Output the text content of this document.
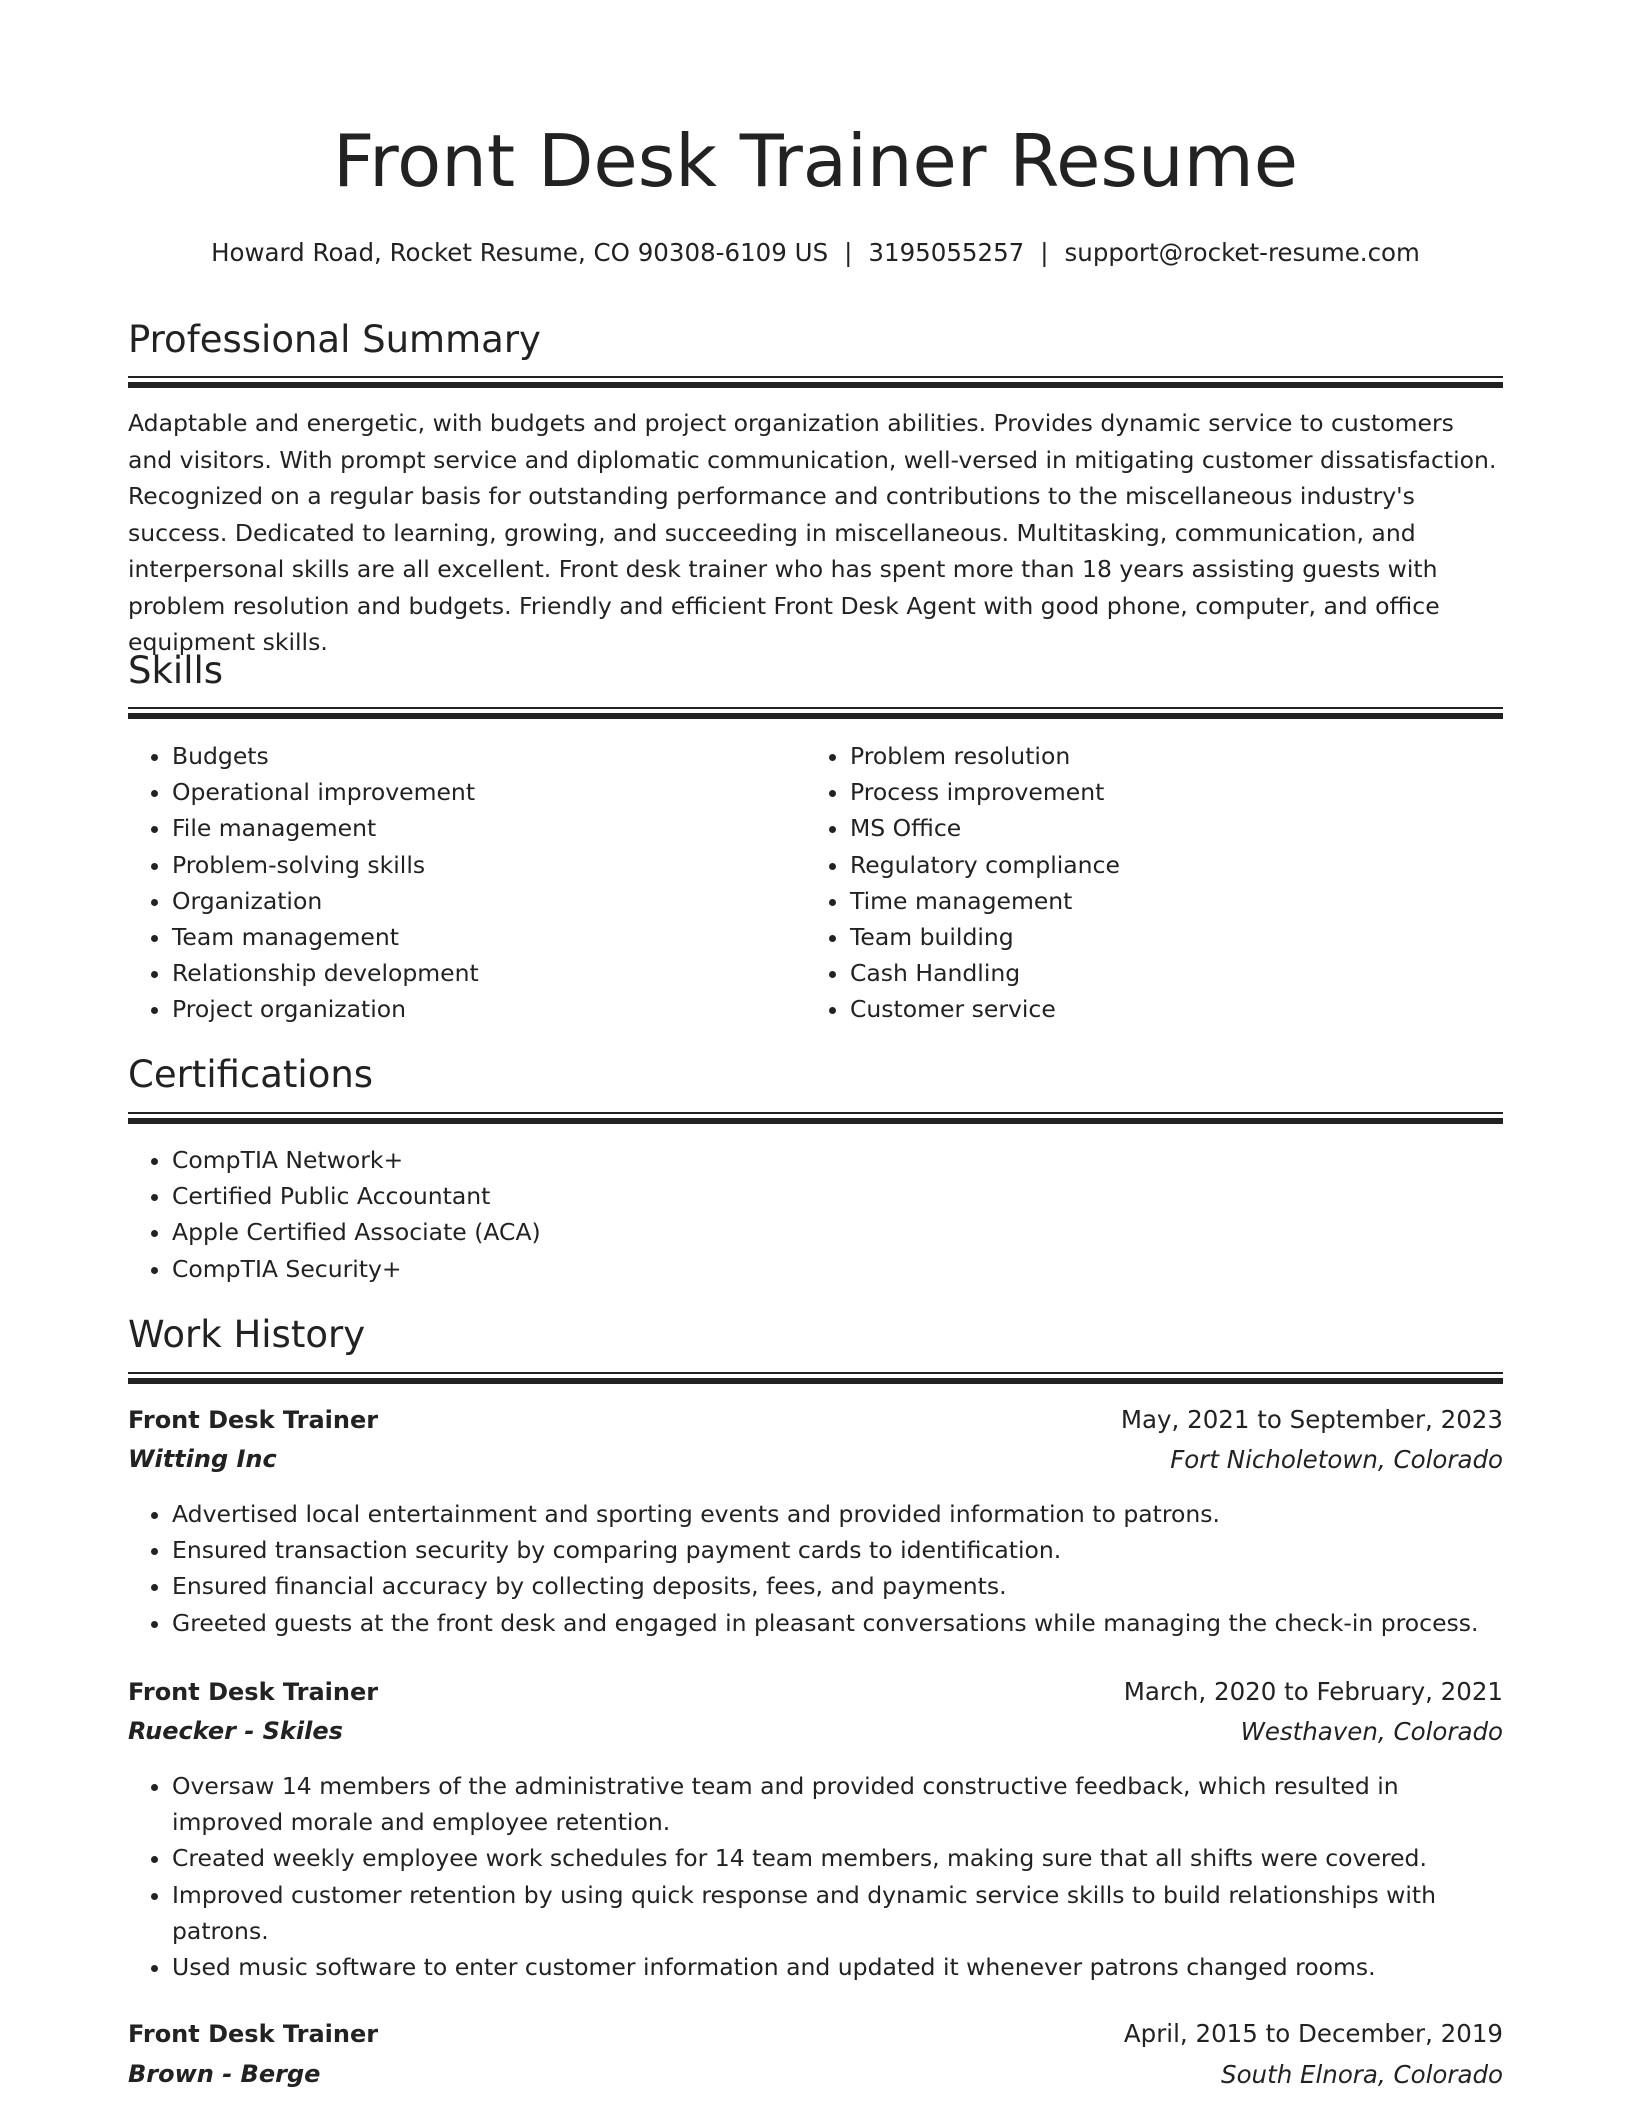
Front Desk Trainer Resume
Howard Road, Rocket Resume, CO 90308-6109 US | 3195055257 | support@rocket-resume.com
Professional Summary

Adaptable and energetic, with budgets and project organization abilities. Provides dynamic service to customers and visitors. With prompt service and diplomatic communication, well-versed in mitigating customer dissatisfaction. Recognized on a regular basis for outstanding performance and contributions to the miscellaneous industry's success. Dedicated to learning, growing, and succeeding in miscellaneous. Multitasking, communication, and interpersonal skills are all excellent. Front desk trainer who has spent more than 18 years assisting guests with problem resolution and budgets. Friendly and efficient Front Desk Agent with good phone, computer, and office equipment skills.

Skills
• Budgets
• Operational improvement
• File management
• Problem-solving skills
• Organization
• Team management
• Relationship development
• Project organization
• Problem resolution
• Process improvement
• MS Office
• Regulatory compliance
• Time management
• Team building
• Cash Handling
• Customer service
Certifications
• CompTIA Network+
• Certified Public Accountant
• Apple Certified Associate (ACA)
• CompTIA Security+
Work History
Front Desk Trainer	May, 2021 to September, 2023
Witting Inc	Fort Nicholetown, Colorado
• Advertised local entertainment and sporting events and provided information to patrons.
• Ensured transaction security by comparing payment cards to identification.
• Ensured financial accuracy by collecting deposits, fees, and payments.
• Greeted guests at the front desk and engaged in pleasant conversations while managing the check-in process.
Front Desk Trainer	March, 2020 to February, 2021
Ruecker - Skiles	Westhaven, Colorado
• Oversaw 14 members of the administrative team and provided constructive feedback, which resulted in improved morale and employee retention.
• Created weekly employee work schedules for 14 team members, making sure that all shifts were covered.
• Improved customer retention by using quick response and dynamic service skills to build relationships with patrons.
• Used music software to enter customer information and updated it whenever patrons changed rooms.
Front Desk Trainer	April, 2015 to December, 2019
Brown - Berge	South Elnora, Colorado
